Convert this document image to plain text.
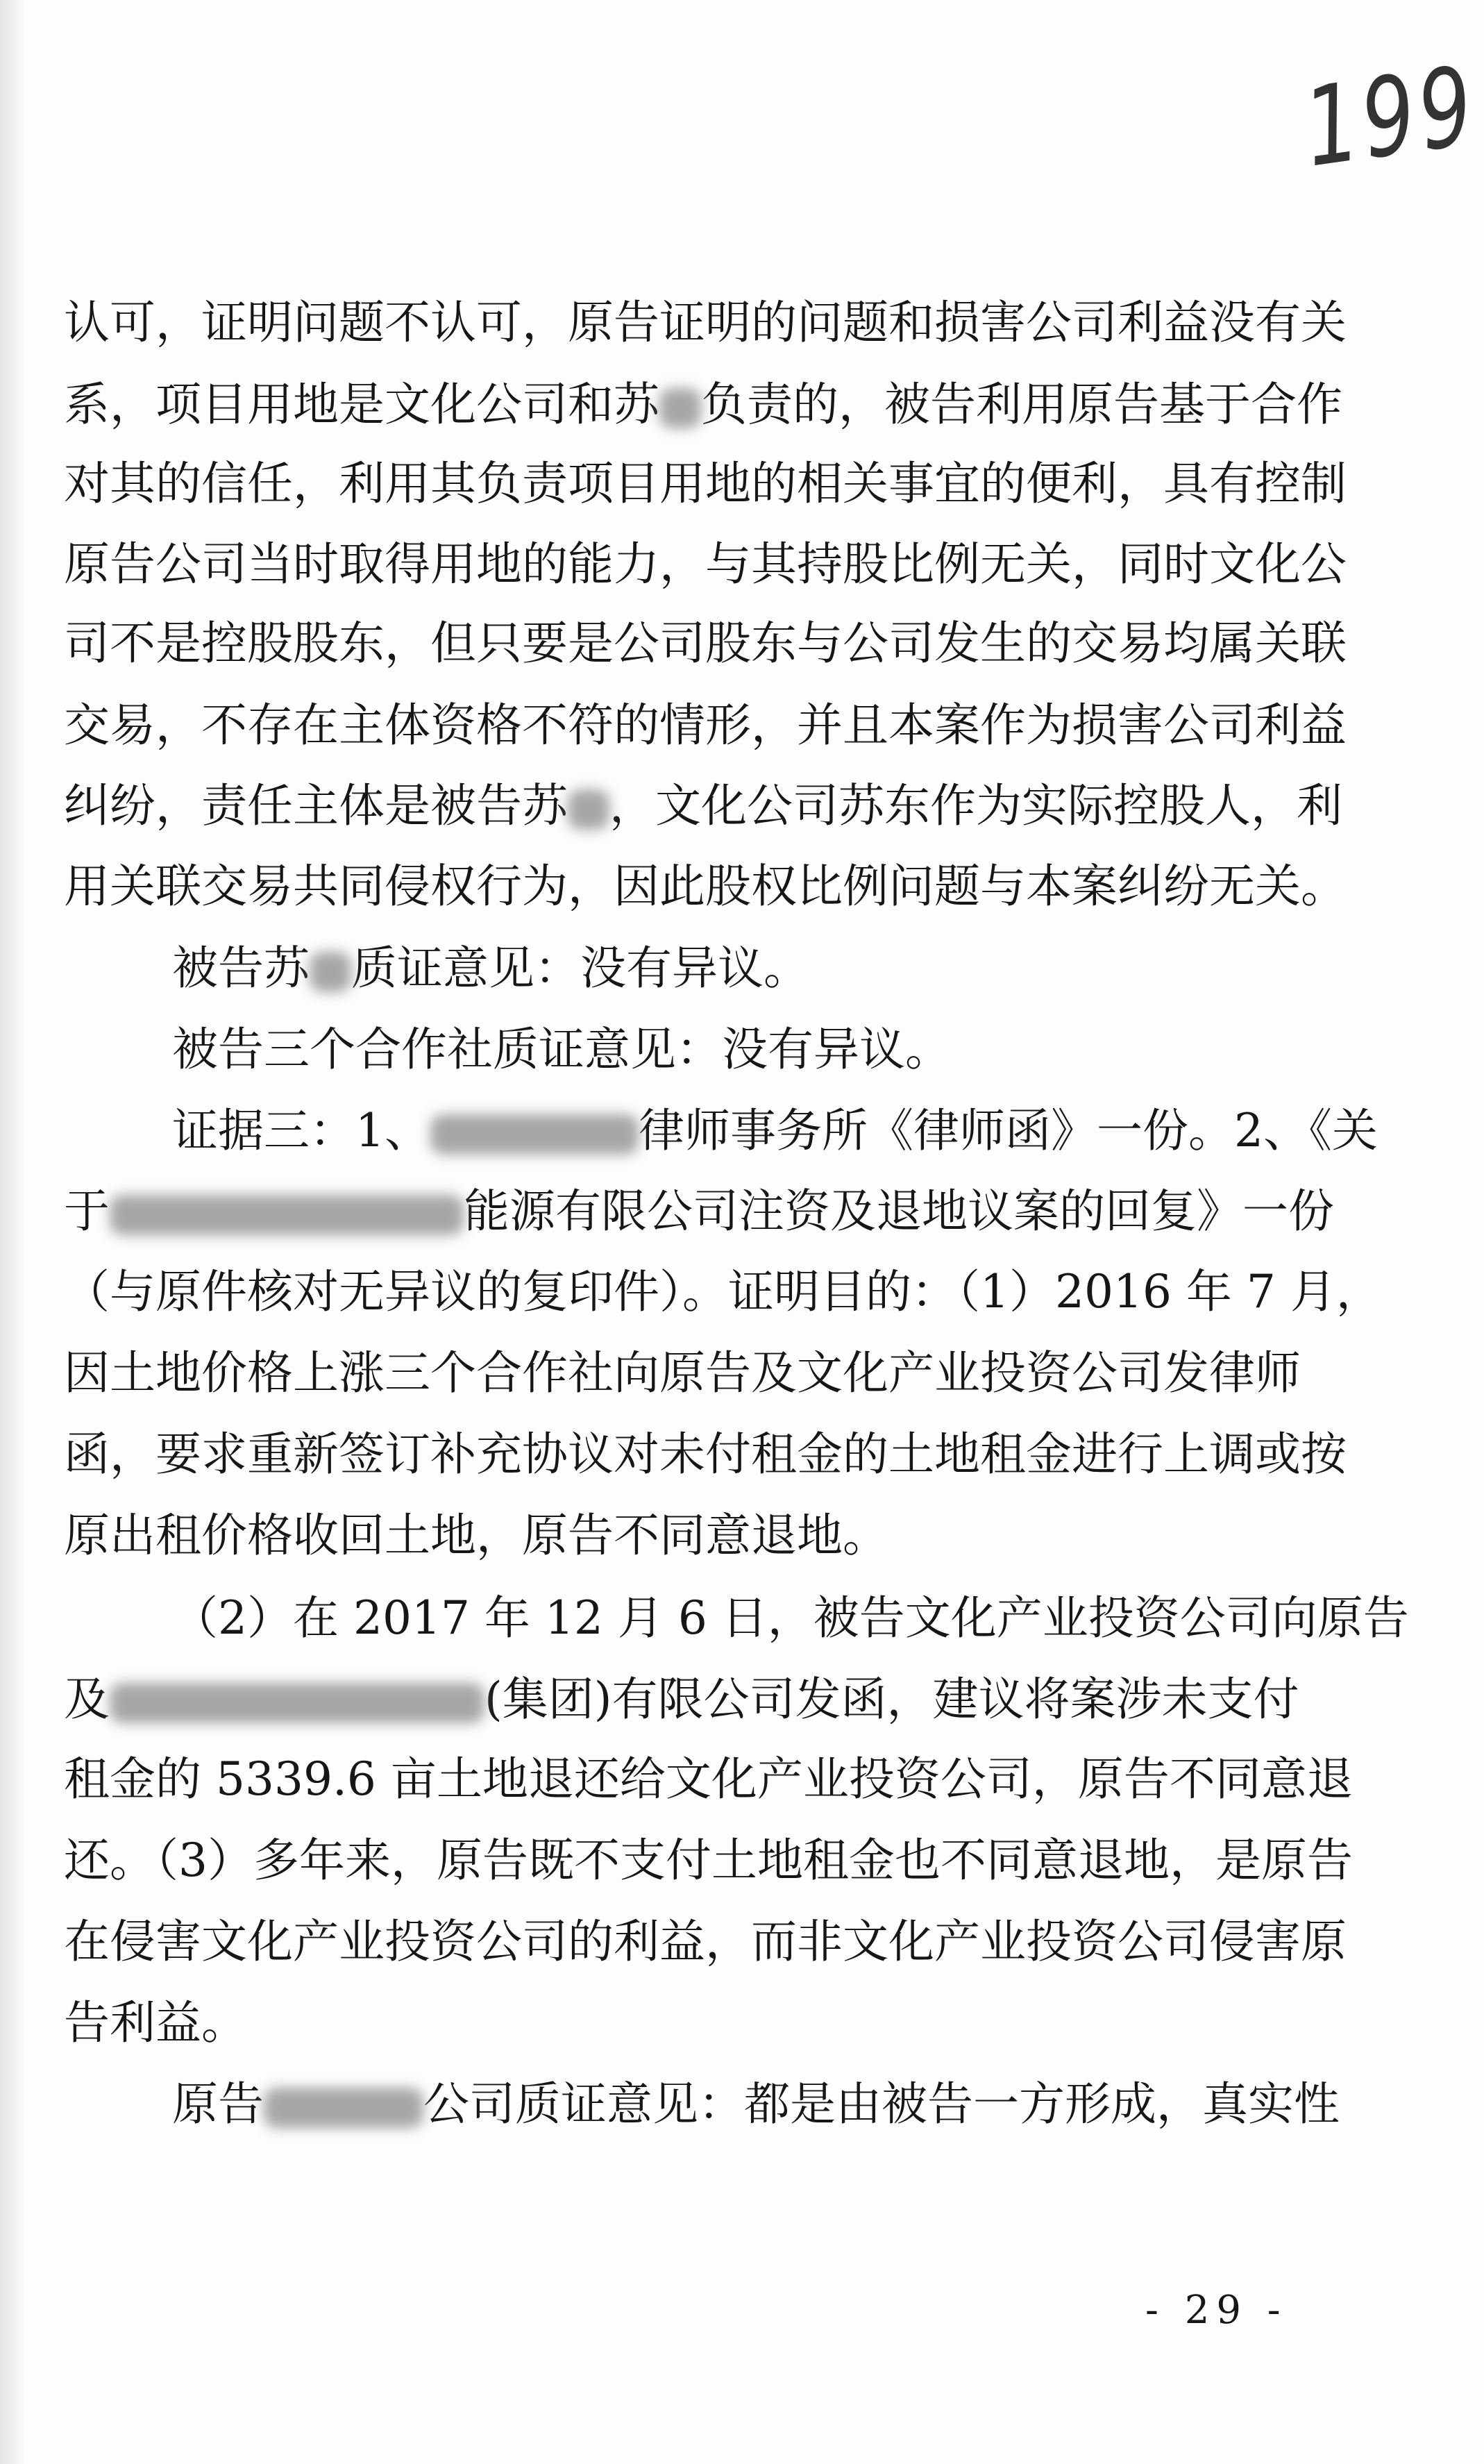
199
认可，证明问题不认可，原告证明的问题和损害公司利益没有关
系，项目用地是文化公司和苏 负责的，被告利用原告基于合作
对其的信任，利用其负责项目用地的相关事宜的便利，具有控制
原告公司当时取得用地的能力，与其持股比例无关，同时文化公
司不是控股股东，但只要是公司股东与公司发生的交易均属关联
交易，不存在主体资格不符的情形，并且本案作为损害公司利益
纠纷，责任主体是被告苏 ，文化公司苏东作为实际控股人，利
用关联交易共同侵权行为，因此股权比例问题与本案纠纷无关。
被告苏 质证意见：没有异议。
被告三个合作社质证意见：没有异议。
证据三：1、	律师事务所《律师函》一份。2、《关
于	能源有限公司注资及退地议案的回复》一份
（与原件核对无异议的复印件）。证明目的：（1）2016 年 7 月，
因土地价格上涨三个合作社向原告及文化产业投资公司发律师
函，要求重新签订补充协议对未付租金的土地租金进行上调或按
原出租价格收回土地，原告不同意退地。
（2）在 2017 年 12 月 6 日，被告文化产业投资公司向原告
及	(集团)有限公司发函，建议将案涉未支付
租金的 5339.6 亩土地退还给文化产业投资公司，原告不同意退
还。（3）多年来，原告既不支付土地租金也不同意退地，是原告
在侵害文化产业投资公司的利益，而非文化产业投资公司侵害原
告利益。
原告	公司质证意见：都是由被告一方形成，真实性
- 29 -
